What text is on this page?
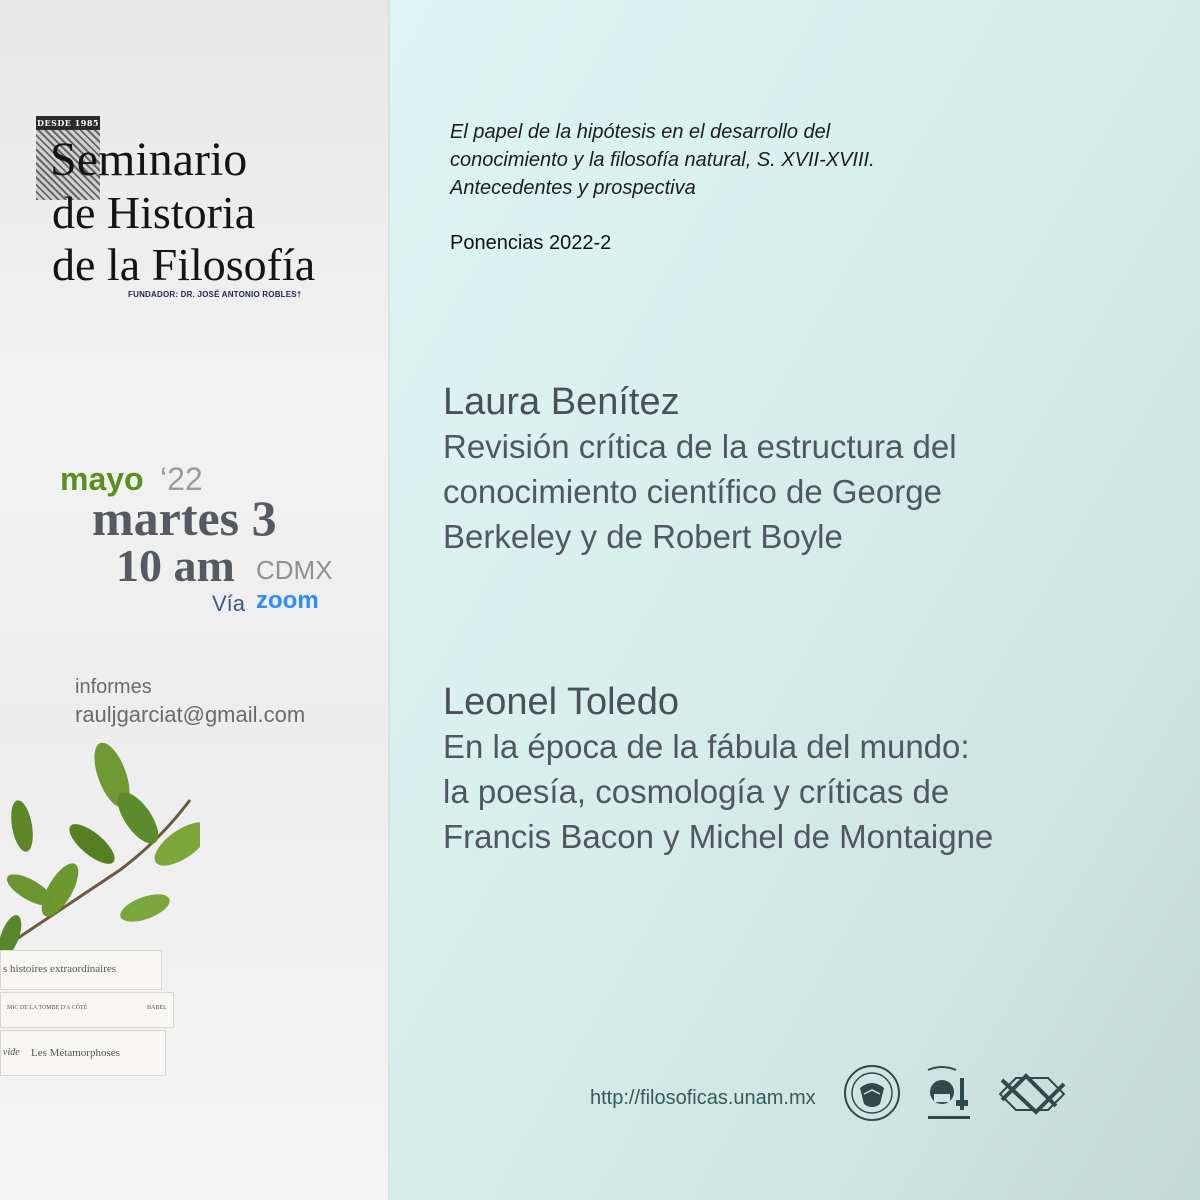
DESDE 1985
Seminario
de Historia
de la Filosofía
FUNDADOR: DR. JOSÉ ANTONIO ROBLES†
mayo ‘22
martes 3
10 am CDMX
Vía zoom
informes
rauljgarciat@gmail.com
s histoires extraordinaires
MIC DE LA TOMBE D'A CÔTÉ	BABEL
vide Les Métamorphoses
El papel de la hipótesis en el desarrollo del
conocimiento y la filosofía natural, S. XVII-XVIII.
Antecedentes y prospectiva
Ponencias 2022-2
Laura Benítez
Revisión crítica de la estructura del
conocimiento científico de George
Berkeley y de Robert Boyle
Leonel Toledo
En la época de la fábula del mundo:
la poesía, cosmología y críticas de
Francis Bacon y Michel de Montaigne
http://filosoficas.unam.mx
